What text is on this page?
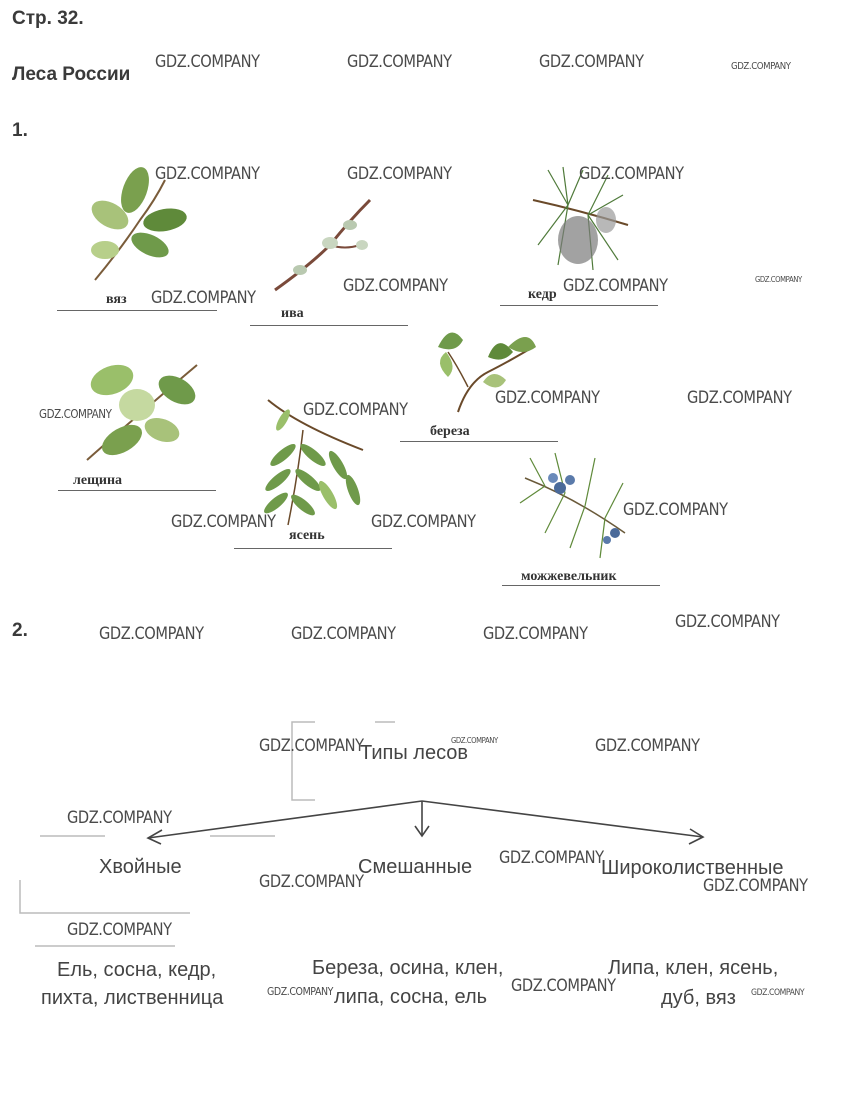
Стр. 32.
Леса России
1.
2.
вяз
ива
кедр
лещина
ясень
береза
можжевельник
Типы лесов
Хвойные	Смешанные	Широколиственные
Ель, сосна, кедр,
пихта, лиственница
Береза, осина, клен,
липа, сосна, ель
Липа, клен, ясень,
дуб, вяз
GDZ.COMPANY	GDZ.COMPANY	GDZ.COMPANY	GDZ.COMPANY
GDZ.COMPANY	GDZ.COMPANY	GDZ.COMPANY
GDZ.COMPANY
GDZ.COMPANY	GDZ.COMPANY	GDZ.COMPANY
GDZ.COMPANY
GDZ.COMPANY
GDZ.COMPANY	GDZ.COMPANY
GDZ.COMPANY	GDZ.COMPANY
GDZ.COMPANY
GDZ.COMPANY	GDZ.COMPANY	GDZ.COMPANY
GDZ.COMPANY
GDZ.COMPANY	GDZ.COMPANY	GDZ.COMPANY
GDZ.COMPANY
GDZ.COMPANY
GDZ.COMPANY	GDZ.COMPANY
GDZ.COMPANY
GDZ.COMPANY	GDZ.COMPANY	GDZ.COMPANY
